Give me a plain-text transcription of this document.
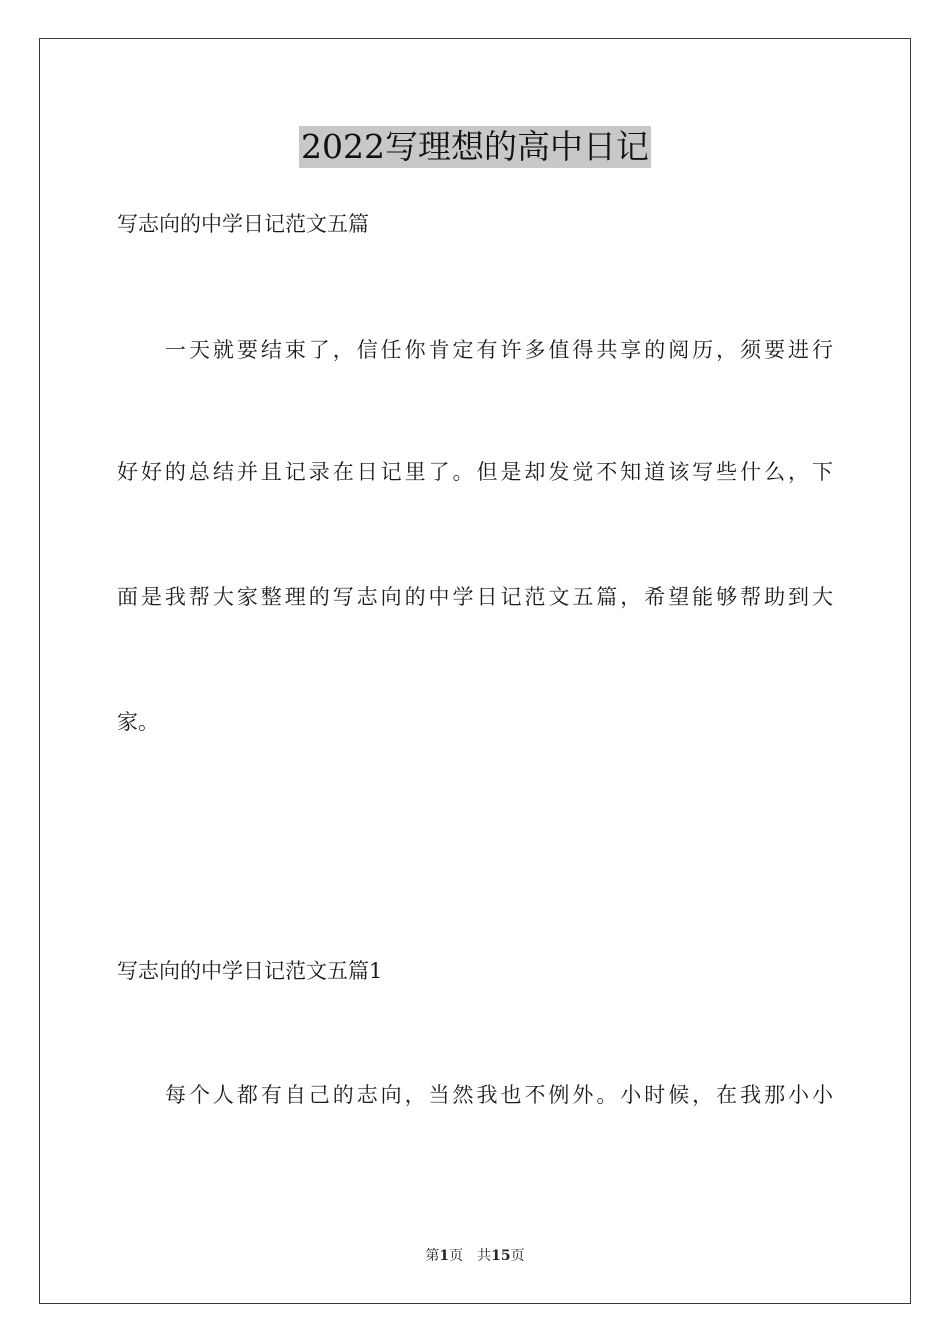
2022写理想的高中日记
写志向的中学日记范文五篇
一天就要结束了，信任你肯定有许多值得共享的阅历，须要进行
好好的总结并且记录在日记里了。但是却发觉不知道该写些什么，下
面是我帮大家整理的写志向的中学日记范文五篇，希望能够帮助到大
家。
写志向的中学日记范文五篇1
每个人都有自己的志向，当然我也不例外。小时候，在我那小小
第1页 共15页
